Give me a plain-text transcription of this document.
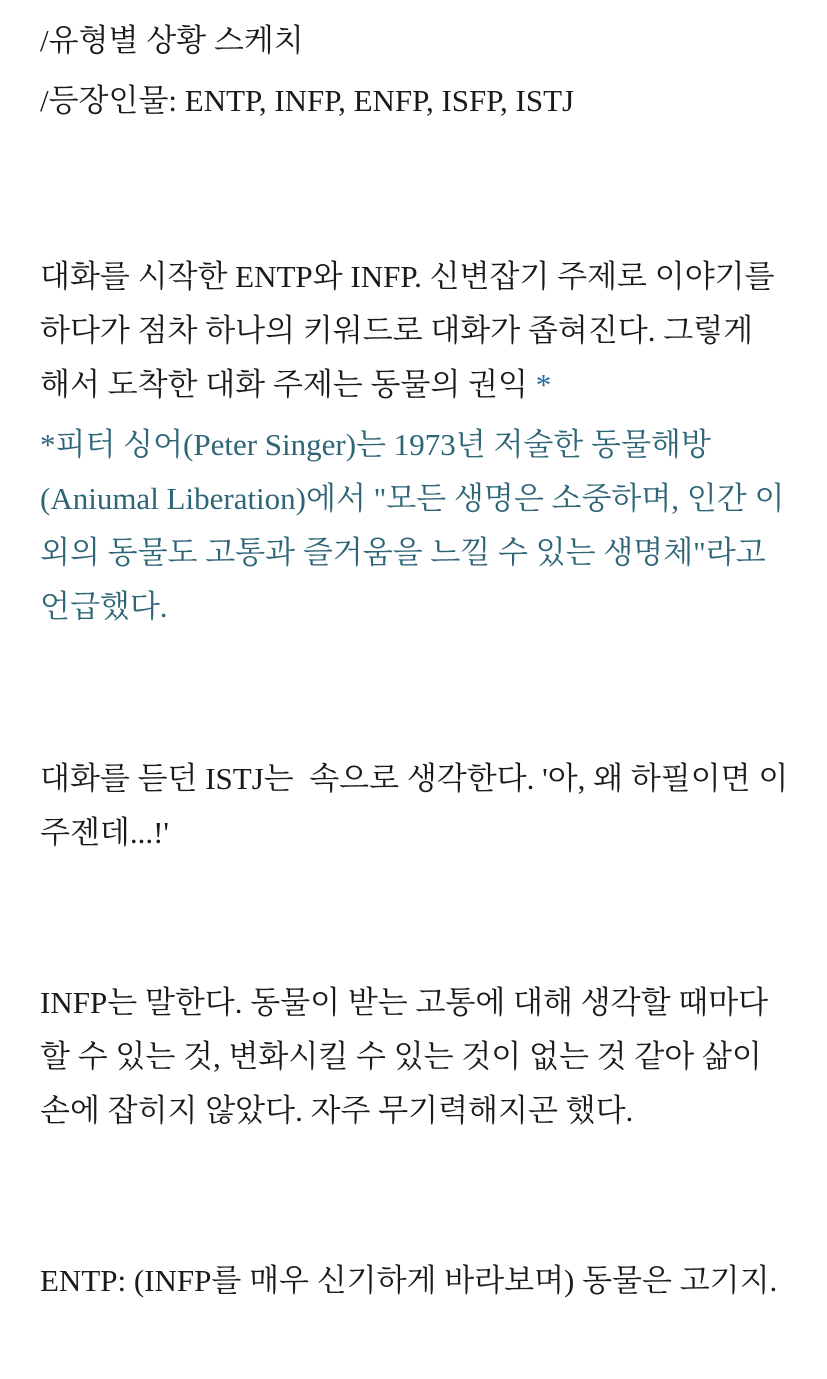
/유형별 상황 스케치

/등장인물: ENTP, INFP, ENFP, ISFP, ISTJ

대화를 시작한 ENTP와 INFP. 신변잡기 주제로 이야기를 하다가 점차 하나의 키워드로 대화가 좁혀진다. 그렇게 해서 도착한 대화 주제는 동물의 권익 *

*피터 싱어(Peter Singer)는 1973년 저술한 동물해방 (Aniumal Liberation)에서 "모든 생명은 소중하며, 인간 이외의 동물도 고통과 즐거움을 느낄 수 있는 생명체"라고 언급했다.

대화를 듣던 ISTJ는  속으로 생각한다. '아, 왜 하필이면 이 주젠데...!'

INFP는 말한다. 동물이 받는 고통에 대해 생각할 때마다 할 수 있는 것, 변화시킬 수 있는 것이 없는 것 같아 삶이 손에 잡히지 않았다. 자주 무기력해지곤 했다.

ENTP: (INFP를 매우 신기하게 바라보며) 동물은 고기지.
